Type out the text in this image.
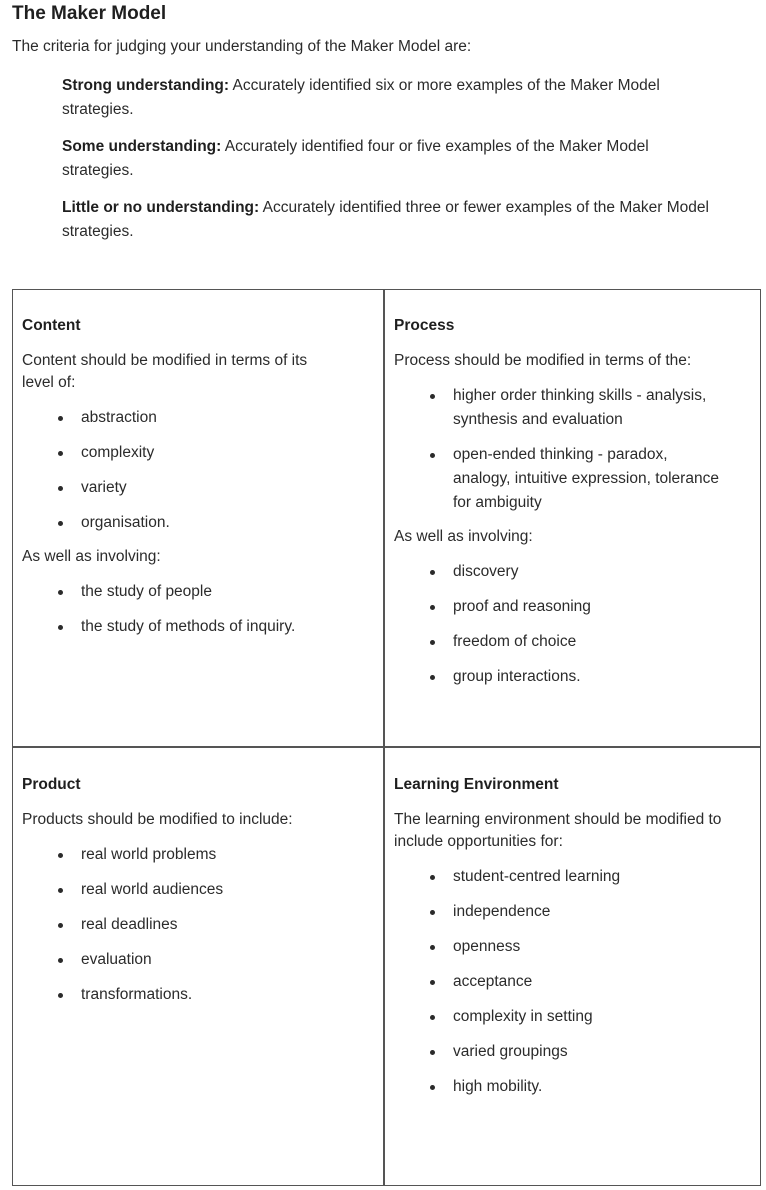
The Maker Model
The criteria for judging your understanding of the Maker Model are:
Strong understanding: Accurately identified six or more examples of the Maker Model strategies.
Some understanding: Accurately identified four or five examples of the Maker Model strategies.
Little or no understanding: Accurately identified three or fewer examples of the Maker Model strategies.
Content
Content should be modified in terms of its level of:
abstraction
complexity
variety
organisation.
As well as involving:
the study of people
the study of methods of inquiry.
Process
Process should be modified in terms of the:
higher order thinking skills - analysis, synthesis and evaluation
open-ended thinking - paradox, analogy, intuitive expression, tolerance for ambiguity
As well as involving:
discovery
proof and reasoning
freedom of choice
group interactions.
Product
Products should be modified to include:
real world problems
real world audiences
real deadlines
evaluation
transformations.
Learning Environment
The learning environment should be modified to include opportunities for:
student-centred learning
independence
openness
acceptance
complexity in setting
varied groupings
high mobility.
